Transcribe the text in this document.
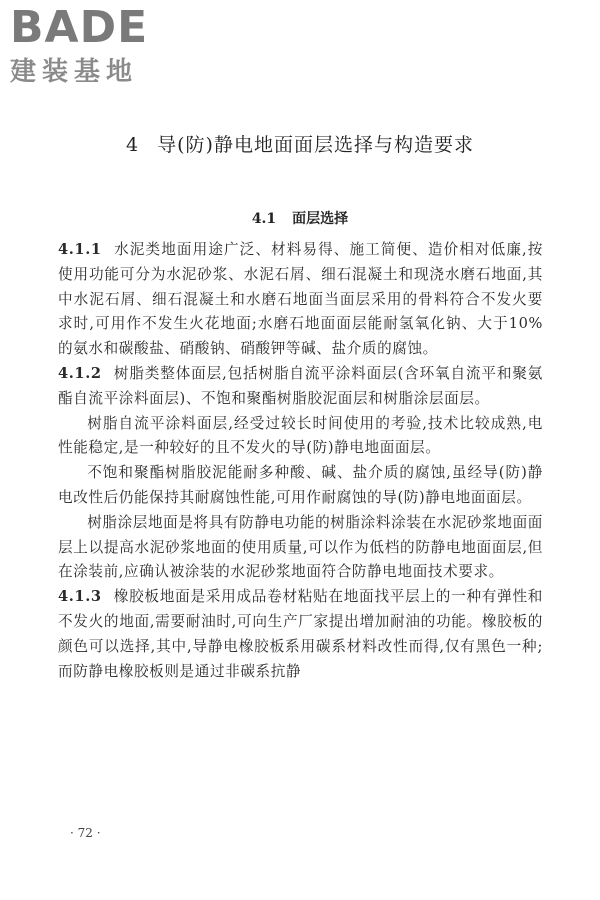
BADE
建装基地
4 导(防)静电地面面层选择与构造要求
4.1 面层选择

4.1.1 水泥类地面用途广泛、材料易得、施工简便、造价相对低廉,按使用功能可分为水泥砂浆、水泥石屑、细石混凝土和现浇水磨石地面,其中水泥石屑、细石混凝土和水磨石地面当面层采用的骨料符合不发火要求时,可用作不发生火花地面;水磨石地面面层能耐氢氧化钠、大于10%的氨水和碳酸盐、硝酸钠、硝酸钾等碱、盐介质的腐蚀。

4.1.2 树脂类整体面层,包括树脂自流平涂料面层(含环氧自流平和聚氨酯自流平涂料面层)、不饱和聚酯树脂胶泥面层和树脂涂层面层。

树脂自流平涂料面层,经受过较长时间使用的考验,技术比较成熟,电性能稳定,是一种较好的且不发火的导(防)静电地面面层。

不饱和聚酯树脂胶泥能耐多种酸、碱、盐介质的腐蚀,虽经导(防)静电改性后仍能保持其耐腐蚀性能,可用作耐腐蚀的导(防)静电地面面层。

树脂涂层地面是将具有防静电功能的树脂涂料涂装在水泥砂浆地面面层上以提高水泥砂浆地面的使用质量,可以作为低档的防静电地面面层,但在涂装前,应确认被涂装的水泥砂浆地面符合防静电地面技术要求。

4.1.3 橡胶板地面是采用成品卷材粘贴在地面找平层上的一种有弹性和不发火的地面,需要耐油时,可向生产厂家提出增加耐油的功能。橡胶板的颜色可以选择,其中,导静电橡胶板系用碳系材料改性而得,仅有黑色一种;而防静电橡胶板则是通过非碳系抗静

· 72 ·
